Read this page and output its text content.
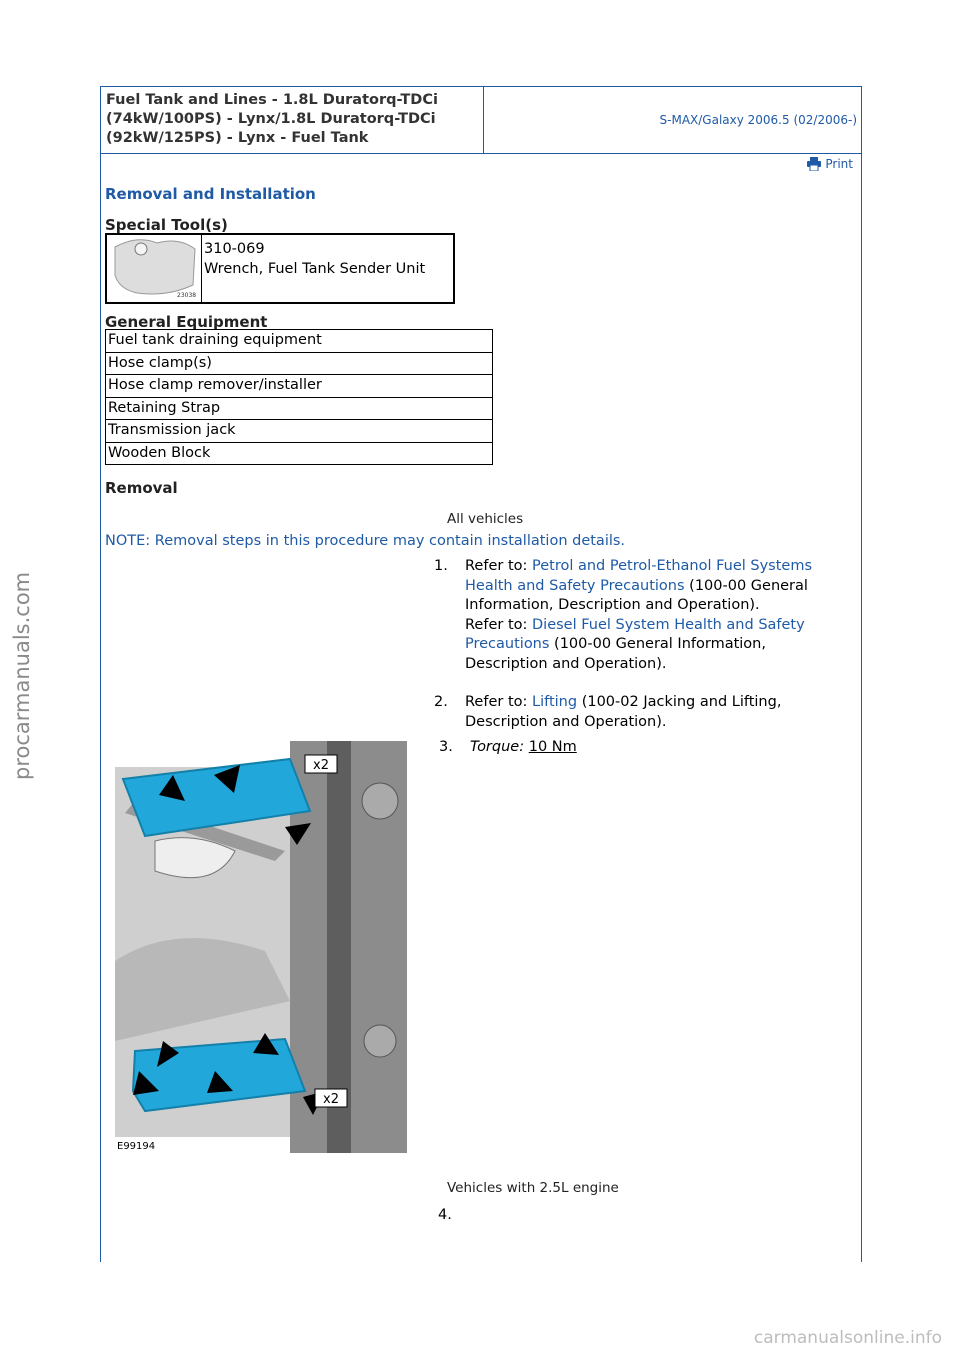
procarmanuals.com
carmanualsonline.info
Fuel Tank and Lines - 1.8L Duratorq-TDCi (74kW/100PS) - Lynx/1.8L Duratorq-TDCi (92kW/125PS) - Lynx - Fuel Tank
S-MAX/Galaxy 2006.5 (02/2006-)
Print
Removal and Installation
Special Tool(s)
23038
310-069
Wrench, Fuel Tank Sender Unit
General Equipment
Fuel tank draining equipment
Hose clamp(s)
Hose clamp remover/installer
Retaining Strap
Transmission jack
Wooden Block
Removal
All vehicles
NOTE: Removal steps in this procedure may contain installation details.
1.	Refer to: Petrol and Petrol-Ethanol Fuel Systems Health and Safety Precautions (100-00 General Information, Description and Operation).
Refer to: Diesel Fuel System Health and Safety Precautions (100-00 General Information, Description and Operation).
2.	Refer to: Lifting (100-02 Jacking and Lifting, Description and Operation).
3.	Torque: 10 Nm
x2
x2
E99194
Vehicles with 2.5L engine
4.
